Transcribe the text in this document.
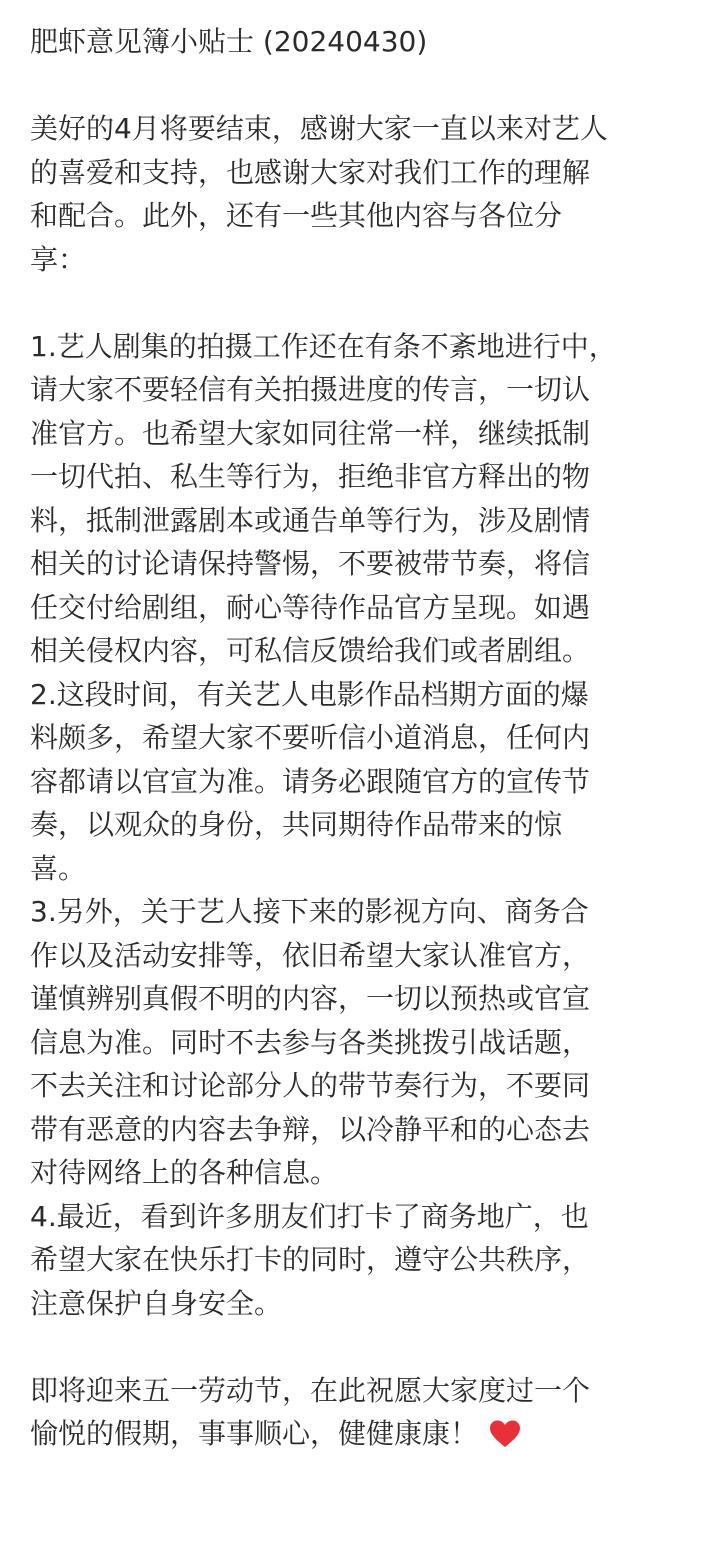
肥虾意见簿小贴士 (20240430)
美好的4月将要结束，感谢大家一直以来对艺人
的喜爱和支持，也感谢大家对我们工作的理解
和配合。此外，还有一些其他内容与各位分
享：
1.艺人剧集的拍摄工作还在有条不紊地进行中，
请大家不要轻信有关拍摄进度的传言，一切认
准官方。也希望大家如同往常一样，继续抵制
一切代拍、私生等行为，拒绝非官方释出的物
料，抵制泄露剧本或通告单等行为，涉及剧情
相关的讨论请保持警惕，不要被带节奏，将信
任交付给剧组，耐心等待作品官方呈现。如遇
相关侵权内容，可私信反馈给我们或者剧组。
2.这段时间，有关艺人电影作品档期方面的爆
料颇多，希望大家不要听信小道消息，任何内
容都请以官宣为准。请务必跟随官方的宣传节
奏，以观众的身份，共同期待作品带来的惊
喜。
3.另外，关于艺人接下来的影视方向、商务合
作以及活动安排等，依旧希望大家认准官方，
谨慎辨别真假不明的内容，一切以预热或官宣
信息为准。同时不去参与各类挑拨引战话题，
不去关注和讨论部分人的带节奏行为，不要同
带有恶意的内容去争辩，以冷静平和的心态去
对待网络上的各种信息。
4.最近，看到许多朋友们打卡了商务地广，也
希望大家在快乐打卡的同时，遵守公共秩序，
注意保护自身安全。
即将迎来五一劳动节，在此祝愿大家度过一个
愉悦的假期，事事顺心，健健康康！
